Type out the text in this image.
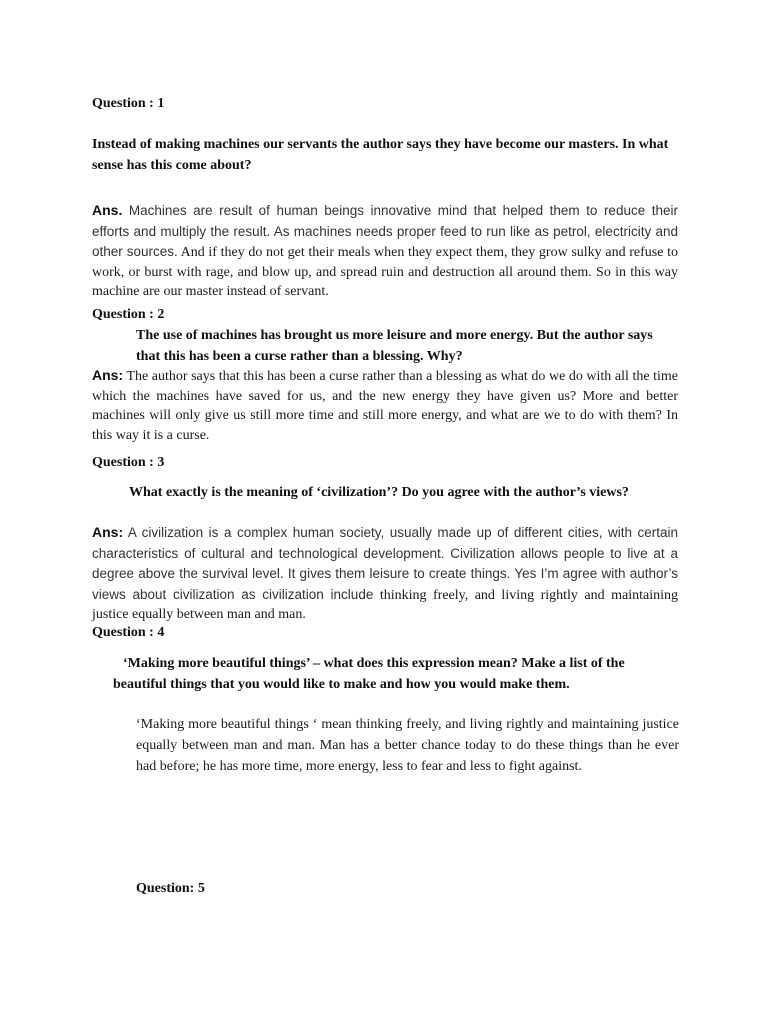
Question : 1
Instead of making machines our servants the author says they have become our masters. In what sense has this come about?
Ans. Machines are result of human beings innovative mind that helped them to reduce their efforts and multiply the result. As machines needs proper feed to run like as petrol, electricity and other sources. And if they do not get their meals when they expect them, they grow sulky and refuse to work, or burst with rage, and blow up, and spread ruin and destruction all around them. So in this way machine are our master instead of servant.
Question : 2
The use of machines has brought us more leisure and more energy. But the author says that this has been a curse rather than a blessing. Why?
Ans: The author says that this has been a curse rather than a blessing as what do we do with all the time which the machines have saved for us, and the new energy they have given us? More and better machines will only give us still more time and still more energy, and what are we to do with them? In this way it is a curse.
Question : 3
What exactly is the meaning of ‘civilization’? Do you agree with the author’s views?
Ans: A civilization is a complex human society, usually made up of different cities, with certain characteristics of cultural and technological development. Civilization allows people to live at a degree above the survival level. It gives them leisure to create things. Yes I’m agree with author’s views about civilization as civilization include thinking freely, and living rightly and maintaining justice equally between man and man.
Question : 4
‘Making more beautiful things’ – what does this expression mean? Make a list of the beautiful things that you would like to make and how you would make them.
‘Making more beautiful things ‘ mean thinking freely, and living rightly and maintaining justice equally between man and man. Man has a better chance today to do these things than he ever had before; he has more time, more energy, less to fear and less to fight against.
Question: 5
